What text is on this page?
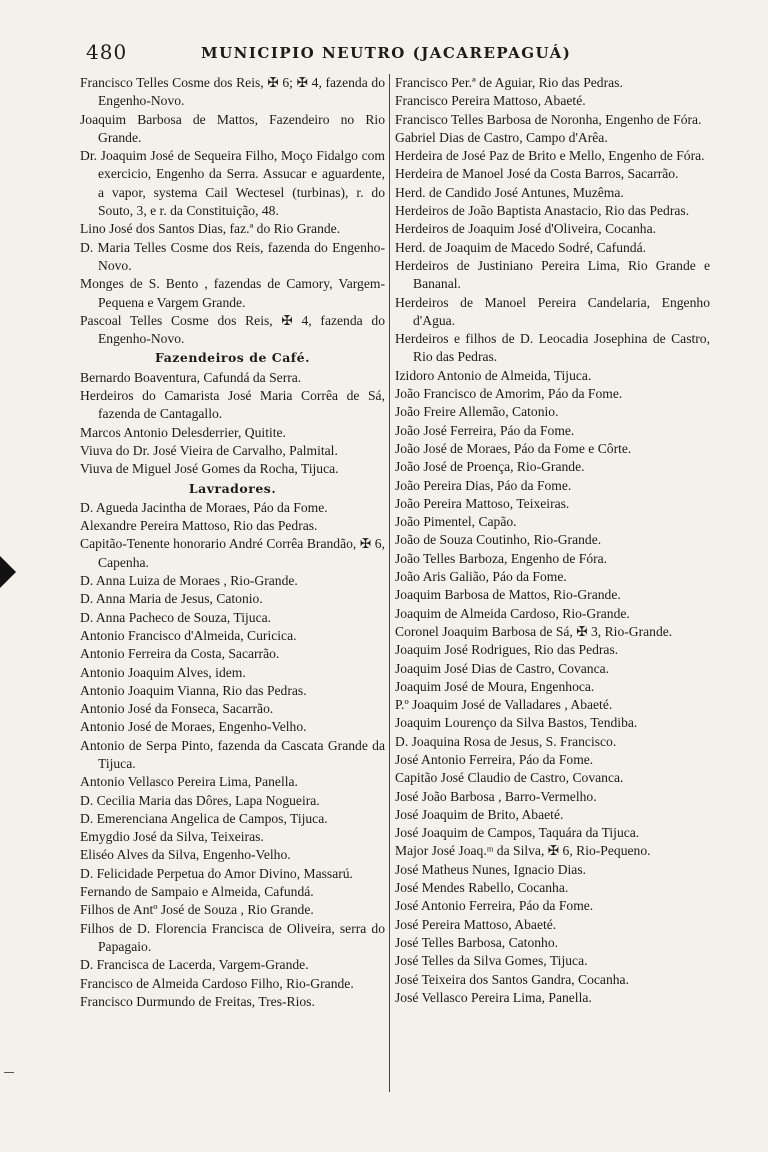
480	MUNICIPIO NEUTRO (JACAREPAGUÁ)
Francisco Telles Cosme dos Reis, ✠ 6; ✠ 4, fazenda do Engenho-Novo.
Joaquim Barbosa de Mattos, Fazendeiro no Rio Grande.
Dr. Joaquim José de Sequeira Filho, Moço Fidalgo com exercicio, Engenho da Serra. Assucar e aguardente, a vapor, systema Cail Wectesel (turbinas), r. do Souto, 3, e r. da Constituição, 48.
Lino José dos Santos Dias, faz.ª do Rio Grande.
D. Maria Telles Cosme dos Reis, fazenda do Engenho-Novo.
Monges de S. Bento , fazendas de Camory, Vargem-Pequena e Vargem Grande.
Pascoal Telles Cosme dos Reis, ✠ 4, fazenda do Engenho-Novo.
Fazendeiros de Café.
Bernardo Boaventura, Cafundá da Serra.
Herdeiros do Camarista José Maria Corrêa de Sá, fazenda de Cantagallo.
Marcos Antonio Delesderrier, Quitite.
Viuva do Dr. José Vieira de Carvalho, Palmital.
Viuva de Miguel José Gomes da Rocha, Tijuca.
Lavradores.
D. Agueda Jacintha de Moraes, Páo da Fome.
Alexandre Pereira Mattoso, Rio das Pedras.
Capitão-Tenente honorario André Corrêa Brandão, ✠ 6, Capenha.
D. Anna Luiza de Moraes , Rio-Grande.
D. Anna Maria de Jesus, Catonio.
D. Anna Pacheco de Souza, Tijuca.
Antonio Francisco d'Almeida, Curicica.
Antonio Ferreira da Costa, Sacarrão.
Antonio Joaquim Alves, idem.
Antonio Joaquim Vianna, Rio das Pedras.
Antonio José da Fonseca, Sacarrão.
Antonio José de Moraes, Engenho-Velho.
Antonio de Serpa Pinto, fazenda da Cascata Grande da Tijuca.
Antonio Vellasco Pereira Lima, Panella.
D. Cecilia Maria das Dôres, Lapa Nogueira.
D. Emerenciana Angelica de Campos, Tijuca.
Emygdio José da Silva, Teixeiras.
Eliséo Alves da Silva, Engenho-Velho.
D. Felicidade Perpetua do Amor Divino, Massarú.
Fernando de Sampaio e Almeida, Cafundá.
Filhos de Antº José de Souza , Rio Grande.
Filhos de D. Florencia Francisca de Oliveira, serra do Papagaio.
D. Francisca de Lacerda, Vargem-Grande.
Francisco de Almeida Cardoso Filho, Rio-Grande.
Francisco Durmundo de Freitas, Tres-Rios.
Francisco Per.ª de Aguiar, Rio das Pedras.
Francisco Pereira Mattoso, Abaeté.
Francisco Telles Barbosa de Noronha, Engenho de Fóra.
Gabriel Dias de Castro, Campo d'Arêa.
Herdeira de José Paz de Brito e Mello, Engenho de Fóra.
Herdeira de Manoel José da Costa Barros, Sacarrão.
Herd. de Candido José Antunes, Muzêma.
Herdeiros de João Baptista Anastacio, Rio das Pedras.
Herdeiros de Joaquim José d'Oliveira, Cocanha.
Herd. de Joaquim de Macedo Sodré, Cafundá.
Herdeiros de Justiniano Pereira Lima, Rio Grande e Bananal.
Herdeiros de Manoel Pereira Candelaria, Engenho d'Agua.
Herdeiros e filhos de D. Leocadia Josephina de Castro, Rio das Pedras.
Izidoro Antonio de Almeida, Tijuca.
João Francisco de Amorim, Páo da Fome.
João Freire Allemão, Catonio.
João José Ferreira, Páo da Fome.
João José de Moraes, Páo da Fome e Côrte.
João José de Proença, Rio-Grande.
João Pereira Dias, Páo da Fome.
João Pereira Mattoso, Teixeiras.
João Pimentel, Capão.
João de Souza Coutinho, Rio-Grande.
João Telles Barboza, Engenho de Fóra.
João Aris Galião, Páo da Fome.
Joaquim Barbosa de Mattos, Rio-Grande.
Joaquim de Almeida Cardoso, Rio-Grande.
Coronel Joaquim Barbosa de Sá, ✠ 3, Rio-Grande.
Joaquim José Rodrigues, Rio das Pedras.
Joaquim José Dias de Castro, Covanca.
Joaquim José de Moura, Engenhoca.
P.º Joaquim José de Valladares , Abaeté.
Joaquim Lourenço da Silva Bastos, Tendiba.
D. Joaquina Rosa de Jesus, S. Francisco.
José Antonio Ferreira, Páo da Fome.
Capitão José Claudio de Castro, Covanca.
José João Barbosa , Barro-Vermelho.
José Joaquim de Brito, Abaeté.
José Joaquim de Campos, Taquára da Tijuca.
Major José Joaq.ᵐ da Silva, ✠ 6, Rio-Pequeno.
José Matheus Nunes, Ignacio Dias.
José Mendes Rabello, Cocanha.
José Antonio Ferreira, Páo da Fome.
José Pereira Mattoso, Abaeté.
José Telles Barbosa, Catonho.
José Telles da Silva Gomes, Tijuca.
José Teixeira dos Santos Gandra, Cocanha.
José Vellasco Pereira Lima, Panella.
